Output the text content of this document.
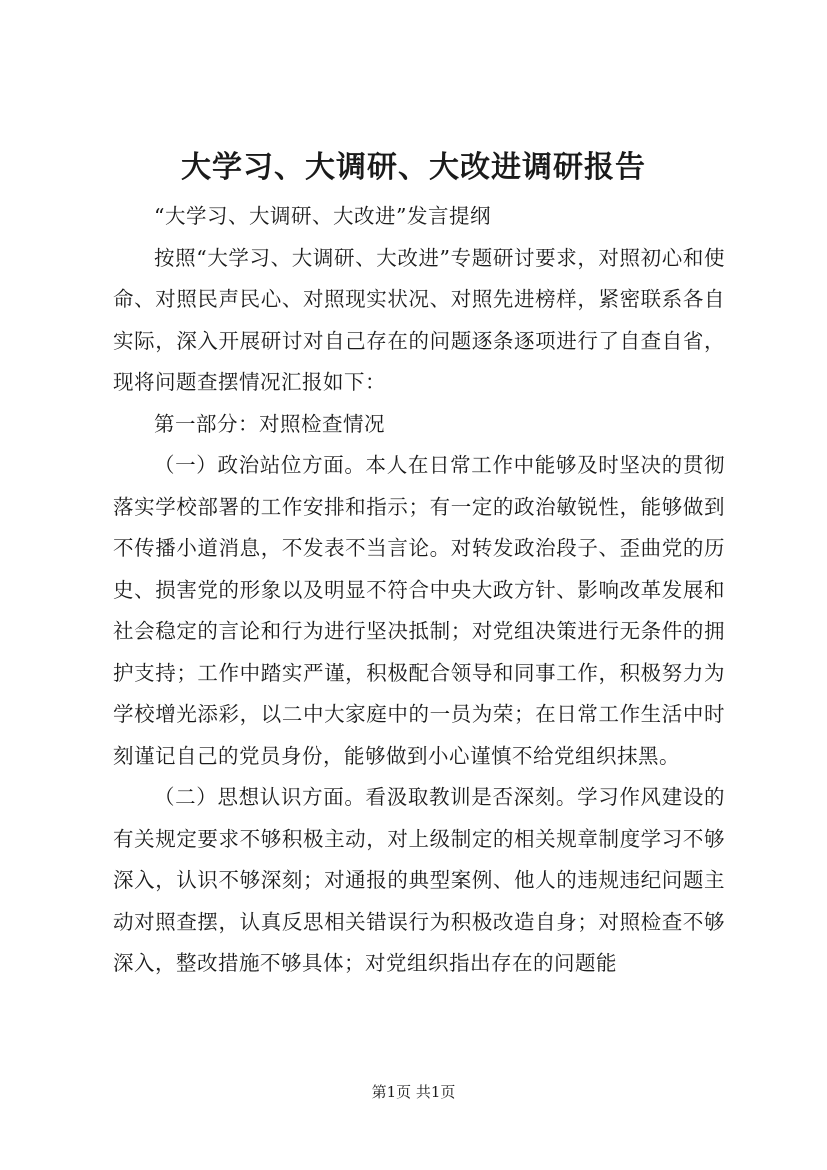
大学习、大调研、大改进调研报告

“大学习、大调研、大改进”发言提纲

按照“大学习、大调研、大改进”专题研讨要求，对照初心和使命、对照民声民心、对照现实状况、对照先进榜样，紧密联系各自实际，深入开展研讨对自己存在的问题逐条逐项进行了自查自省，现将问题查摆情况汇报如下：

第一部分：对照检查情况

（一）政治站位方面。本人在日常工作中能够及时坚决的贯彻落实学校部署的工作安排和指示；有一定的政治敏锐性，能够做到不传播小道消息，不发表不当言论。对转发政治段子、歪曲党的历史、损害党的形象以及明显不符合中央大政方针、影响改革发展和社会稳定的言论和行为进行坚决抵制；对党组决策进行无条件的拥护支持；工作中踏实严谨，积极配合领导和同事工作，积极努力为学校增光添彩，以二中大家庭中的一员为荣；在日常工作生活中时刻谨记自己的党员身份，能够做到小心谨慎不给党组织抹黑。

（二）思想认识方面。看汲取教训是否深刻。学习作风建设的有关规定要求不够积极主动，对上级制定的相关规章制度学习不够深入，认识不够深刻；对通报的典型案例、他人的违规违纪问题主动对照查摆，认真反思相关错误行为积极改造自身；对照检查不够深入，整改措施不够具体；对党组织指出存在的问题能

第1页 共1页
